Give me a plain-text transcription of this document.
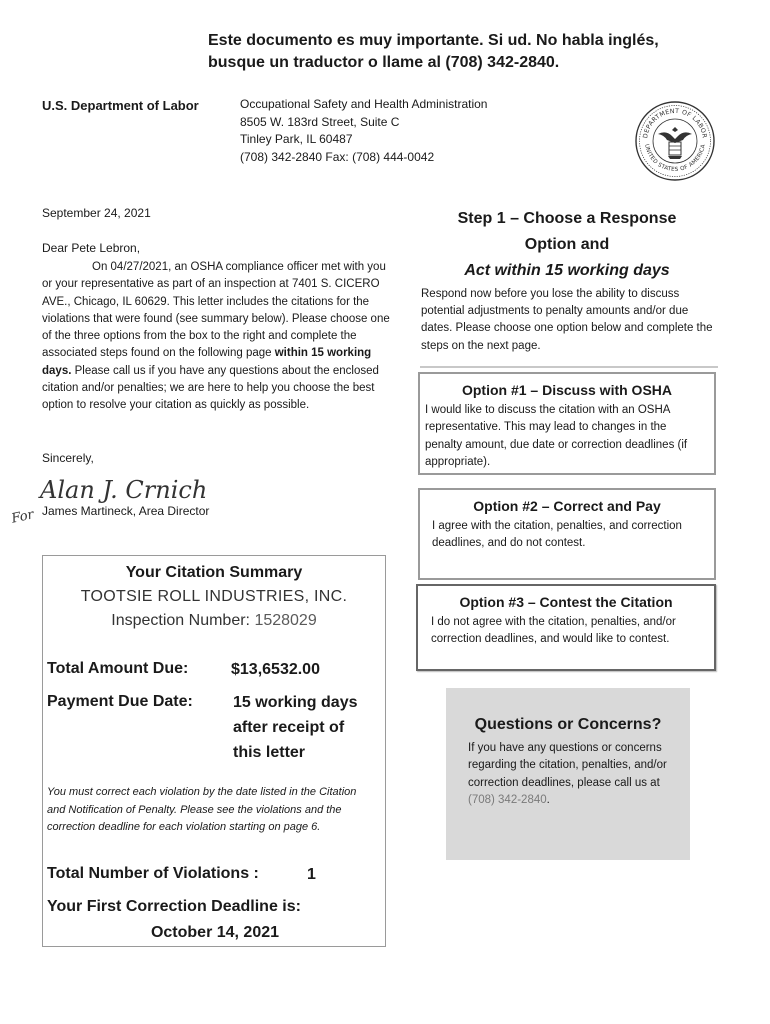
Este documento es muy importante. Si ud. No habla inglés,
busque un traductor o llame al (708) 342-2840.
U.S. Department of Labor	Occupational Safety and Health Administration
8505 W. 183rd Street, Suite C
Tinley Park, IL 60487
(708) 342-2840 Fax: (708) 444-0042
DEPARTMENT OF LABOR
UNITED STATES OF AMERICA
September 24, 2021
Dear Pete Lebron,

On 04/27/2021, an OSHA compliance officer met with you or your representative as part of an inspection at 7401 S. CICERO AVE., Chicago, IL 60629. This letter includes the citations for the violations that were found (see summary below). Please choose one of the three options from the box to the right and complete the associated steps found on the following page within 15 working days. Please call us if you have any questions about the enclosed citation and/or penalties; we are here to help you choose the best option to resolve your citation as quickly as possible.

Sincerely,
Alan J. Crnich
For James Martineck, Area Director
Your Citation Summary
TOOTSIE ROLL INDUSTRIES, INC.
Inspection Number: 1528029
Total Amount Due:	$13,6532.00
Payment Due Date:	15 working days
after receipt of
this letter
You must correct each violation by the date listed in the Citation and Notification of Penalty. Please see the violations and the correction deadline for each violation starting on page 6.
Total Number of Violations :	1
Your First Correction Deadline is:
October 14, 2021
Step 1 – Choose a Response
Option and
Act within 15 working days
Respond now before you lose the ability to discuss potential adjustments to penalty amounts and/or due dates. Please choose one option below and complete the steps on the next page.
Option #1 – Discuss with OSHA
I would like to discuss the citation with an OSHA representative. This may lead to changes in the penalty amount, due date or correction deadlines (if appropriate).
Option #2 – Correct and Pay
I agree with the citation, penalties, and correction deadlines, and do not contest.
Option #3 – Contest the Citation
I do not agree with the citation, penalties, and/or correction deadlines, and would like to contest.
Questions or Concerns?
If you have any questions or concerns regarding the citation, penalties, and/or correction deadlines, please call us at (708) 342-2840.
